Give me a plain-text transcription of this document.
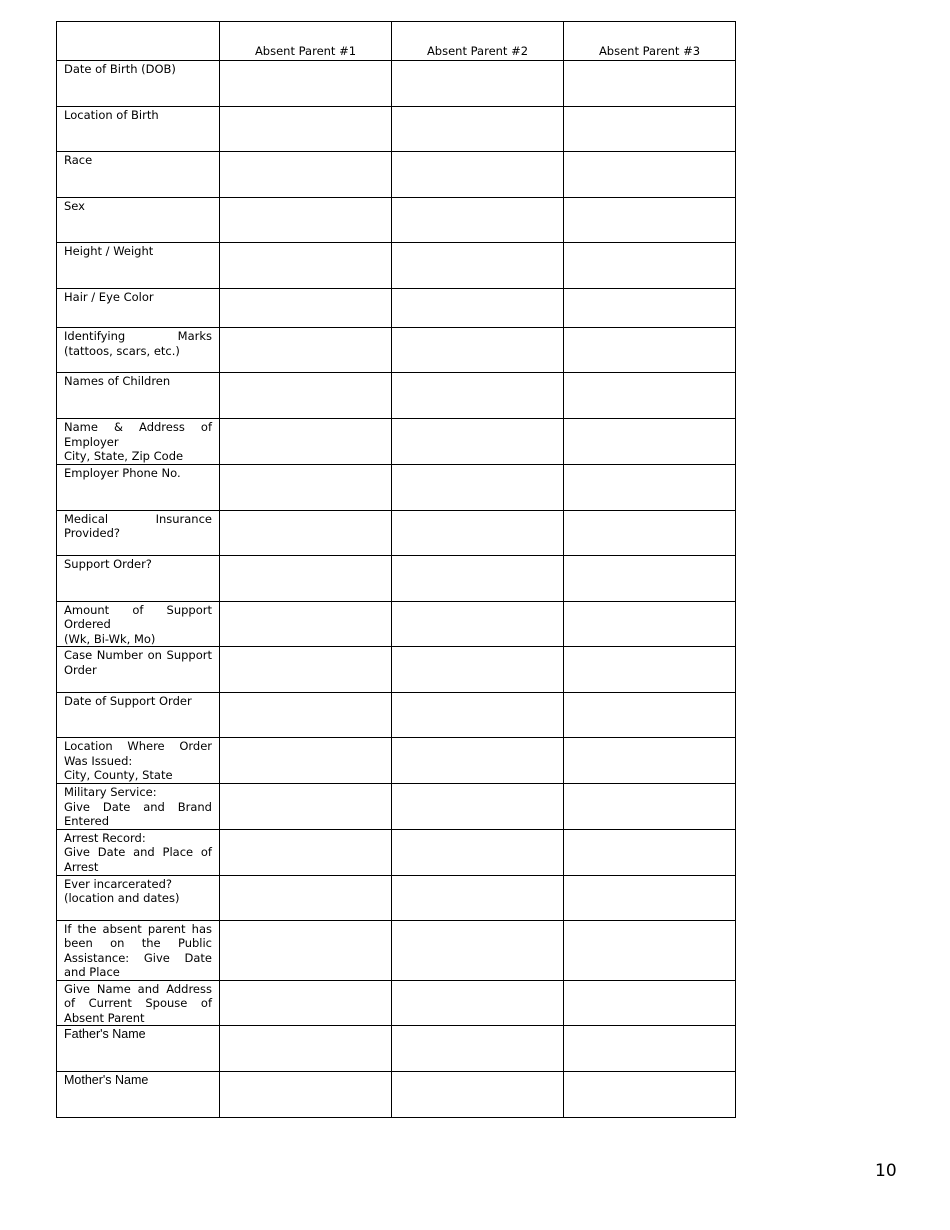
	Absent Parent #1	Absent Parent #2	Absent Parent #3

Date of Birth (DOB)			

Location of Birth			

Race			

Sex			

Height / Weight			

Hair / Eye Color			

Identifying Marks (tattoos, scars, etc.)			

Names of Children			

Name & Address of Employer
City, State, Zip Code			

Employer Phone No.			

Medical Insurance Provided?			

Support Order?			

Amount of Support Ordered
(Wk, Bi-Wk, Mo)			

Case Number on Support Order			

Date of Support Order			

Location Where Order Was Issued:
City, County, State			

Military Service:
Give Date and Brand Entered			

Arrest Record:
Give Date and Place of Arrest			

Ever incarcerated?
(location and dates)			

If the absent parent has been on the Public Assistance: Give Date and Place			

Give Name and Address of Current Spouse of Absent Parent			

Father's Name			

Mother's Name			

10
